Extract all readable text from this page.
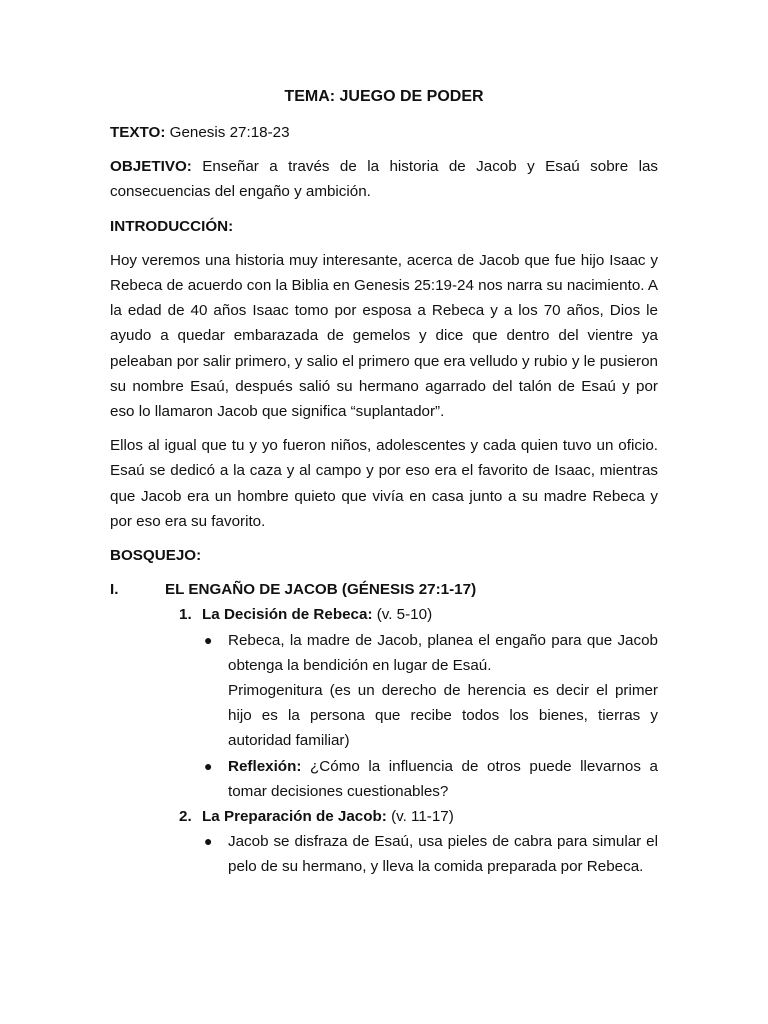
TEMA: JUEGO DE PODER

TEXTO: Genesis 27:18-23

OBJETIVO: Enseñar a través de la historia de Jacob y Esaú sobre las consecuencias del engaño y ambición.

INTRODUCCIÓN:

Hoy veremos una historia muy interesante, acerca de Jacob que fue hijo Isaac y Rebeca de acuerdo con la Biblia en Genesis 25:19-24 nos narra su nacimiento. A la edad de 40 años Isaac tomo por esposa a Rebeca y a los 70 años, Dios le ayudo a quedar embarazada de gemelos y dice que dentro del vientre ya peleaban por salir primero, y salio el primero que era velludo y rubio y le pusieron su nombre Esaú, después salió su hermano agarrado del talón de Esaú y por eso lo llamaron Jacob que significa “suplantador”.

Ellos al igual que tu y yo fueron niños, adolescentes y cada quien tuvo un oficio. Esaú se dedicó a la caza y al campo y por eso era el favorito de Isaac, mientras que Jacob era un hombre quieto que vivía en casa junto a su madre Rebeca y por eso era su favorito.

BOSQUEJO:

I.	EL ENGAÑO DE JACOB (GÉNESIS 27:1-17)
1. La Decisión de Rebeca: (v. 5-10)
● Rebeca, la madre de Jacob, planea el engaño para que Jacob obtenga la bendición en lugar de Esaú.
Primogenitura (es un derecho de herencia es decir el primer hijo es la persona que recibe todos los bienes, tierras y autoridad familiar)
● Reflexión: ¿Cómo la influencia de otros puede llevarnos a tomar decisiones cuestionables?
2. La Preparación de Jacob: (v. 11-17)
● Jacob se disfraza de Esaú, usa pieles de cabra para simular el pelo de su hermano, y lleva la comida preparada por Rebeca.
